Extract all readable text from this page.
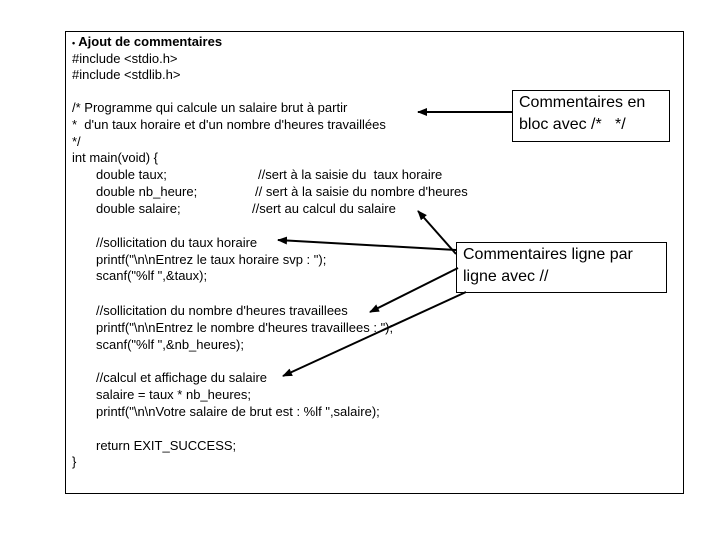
• Ajout de commentaires
#include <stdio.h>
#include <stdlib.h>
/* Programme qui calcule un salaire brut à partir
*  d'un taux horaire et d'un nombre d'heures travaillées
*/
int main(void) {
double taux;	//sert à la saisie du  taux horaire
double nb_heure;	// sert à la saisie du nombre d'heures
double salaire;	//sert au calcul du salaire
//sollicitation du taux horaire
printf("\n\nEntrez le taux horaire svp : ");
scanf("%lf ",&taux);
//sollicitation du nombre d'heures travaillees
printf("\n\nEntrez le nombre d'heures travaillees : ");
scanf("%lf ",&nb_heures);
//calcul et affichage du salaire
salaire = taux * nb_heures;
printf("\n\nVotre salaire de brut est : %lf ",salaire);
return EXIT_SUCCESS;
}
Commentaires en
bloc avec /*   */
Commentaires ligne par
ligne avec //
